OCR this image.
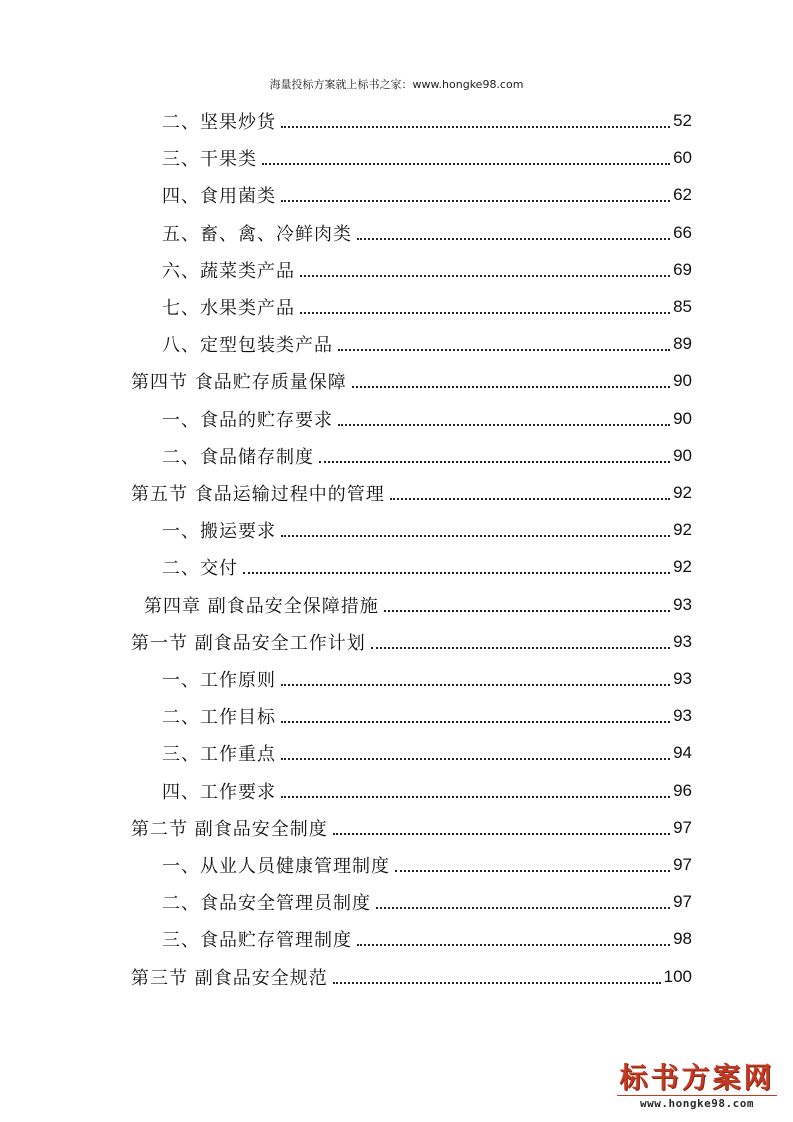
海量投标方案就上标书之家：www.hongke98.com
二、坚果炒货	52
三、干果类	60
四、食用菌类	62
五、畜、禽、冷鲜肉类	66
六、蔬菜类产品	69
七、水果类产品	85
八、定型包装类产品	89
第四节 食品贮存质量保障	90
一、食品的贮存要求	90
二、食品储存制度	90
第五节 食品运输过程中的管理	92
一、搬运要求	92
二、交付	92
第四章 副食品安全保障措施	93
第一节 副食品安全工作计划	93
一、工作原则	93
二、工作目标	93
三、工作重点	94
四、工作要求	96
第二节 副食品安全制度	97
一、从业人员健康管理制度	97
二、食品安全管理员制度	97
三、食品贮存管理制度	98
第三节 副食品安全规范	100
标书方案网
www.hongke98.com
